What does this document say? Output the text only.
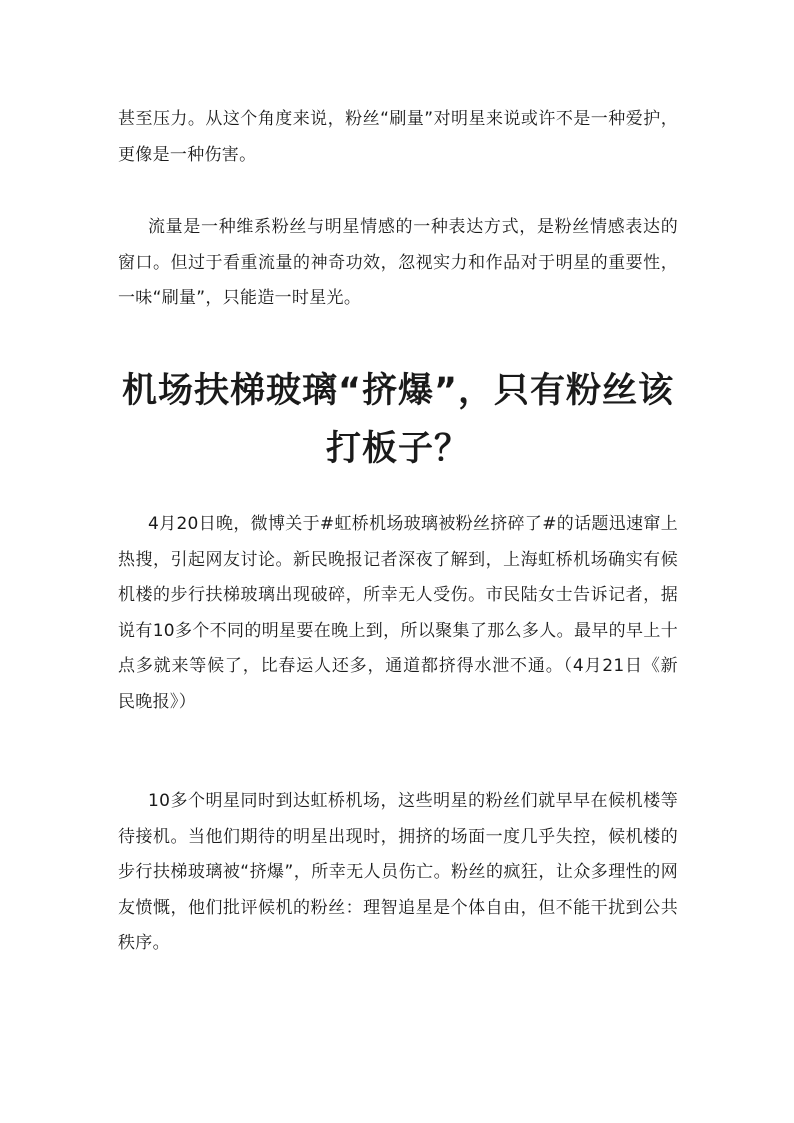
甚至压力。从这个角度来说，粉丝“刷量”对明星来说或许不是一种爱护，更像是一种伤害。

流量是一种维系粉丝与明星情感的一种表达方式，是粉丝情感表达的窗口。但过于看重流量的神奇功效，忽视实力和作品对于明星的重要性，一味“刷量”，只能造一时星光。

机场扶梯玻璃“挤爆”，只有粉丝该打板子？

4月20日晚，微博关于#虹桥机场玻璃被粉丝挤碎了#的话题迅速窜上热搜，引起网友讨论。新民晚报记者深夜了解到，上海虹桥机场确实有候机楼的步行扶梯玻璃出现破碎，所幸无人受伤。市民陆女士告诉记者，据说有10多个不同的明星要在晚上到，所以聚集了那么多人。最早的早上十点多就来等候了，比春运人还多，通道都挤得水泄不通。（4月21日《新民晚报》）

10多个明星同时到达虹桥机场，这些明星的粉丝们就早早在候机楼等待接机。当他们期待的明星出现时，拥挤的场面一度几乎失控，候机楼的步行扶梯玻璃被“挤爆”，所幸无人员伤亡。粉丝的疯狂，让众多理性的网友愤慨，他们批评候机的粉丝：理智追星是个体自由，但不能干扰到公共秩序。
